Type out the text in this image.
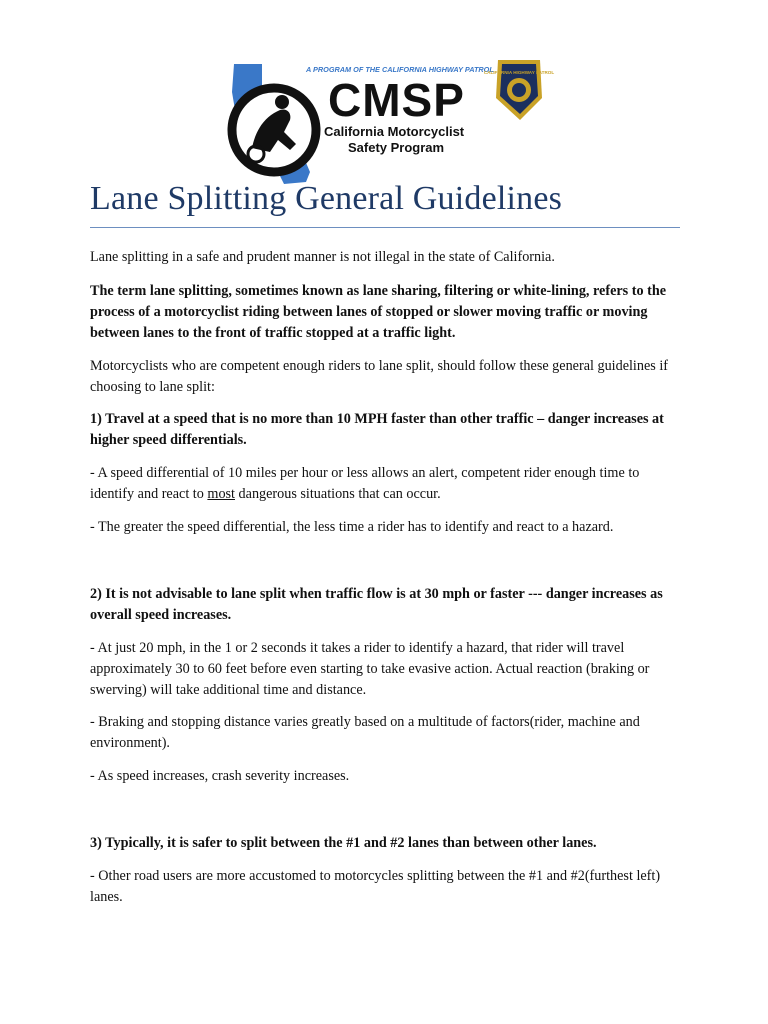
A PROGRAM OF THE CALIFORNIA HIGHWAY PATROL
CMSP
California Motorcyclist
Safety Program
CALIFORNIA HIGHWAY PATROL
Lane Splitting General Guidelines

Lane splitting in a safe and prudent manner is not illegal in the state of California.

The term lane splitting, sometimes known as lane sharing, filtering or white-lining, refers to the process of a motorcyclist riding between lanes of stopped or slower moving traffic or moving between lanes to the front of traffic stopped at a traffic light.

Motorcyclists who are competent enough riders to lane split, should follow these general guidelines if choosing to lane split:

1) Travel at a speed that is no more than 10 MPH faster than other traffic – danger increases at higher speed differentials.

- A speed differential of 10 miles per hour or less allows an alert, competent rider enough time to identify and react to most dangerous situations that can occur.

- The greater the speed differential, the less time a rider has to identify and react to a hazard.

2) It is not advisable to lane split when traffic flow is at 30 mph or faster --- danger increases as overall speed increases.

- At just 20 mph, in the 1 or 2 seconds it takes a rider to identify a hazard, that rider will travel approximately 30 to 60 feet before even starting to take evasive action. Actual reaction (braking or swerving) will take additional time and distance.

- Braking and stopping distance varies greatly based on a multitude of factors(rider, machine and environment).

- As speed increases, crash severity increases.

3) Typically, it is safer to split between the #1 and #2 lanes than between other lanes.

- Other road users are more accustomed to motorcycles splitting between the #1 and #2(furthest left) lanes.
